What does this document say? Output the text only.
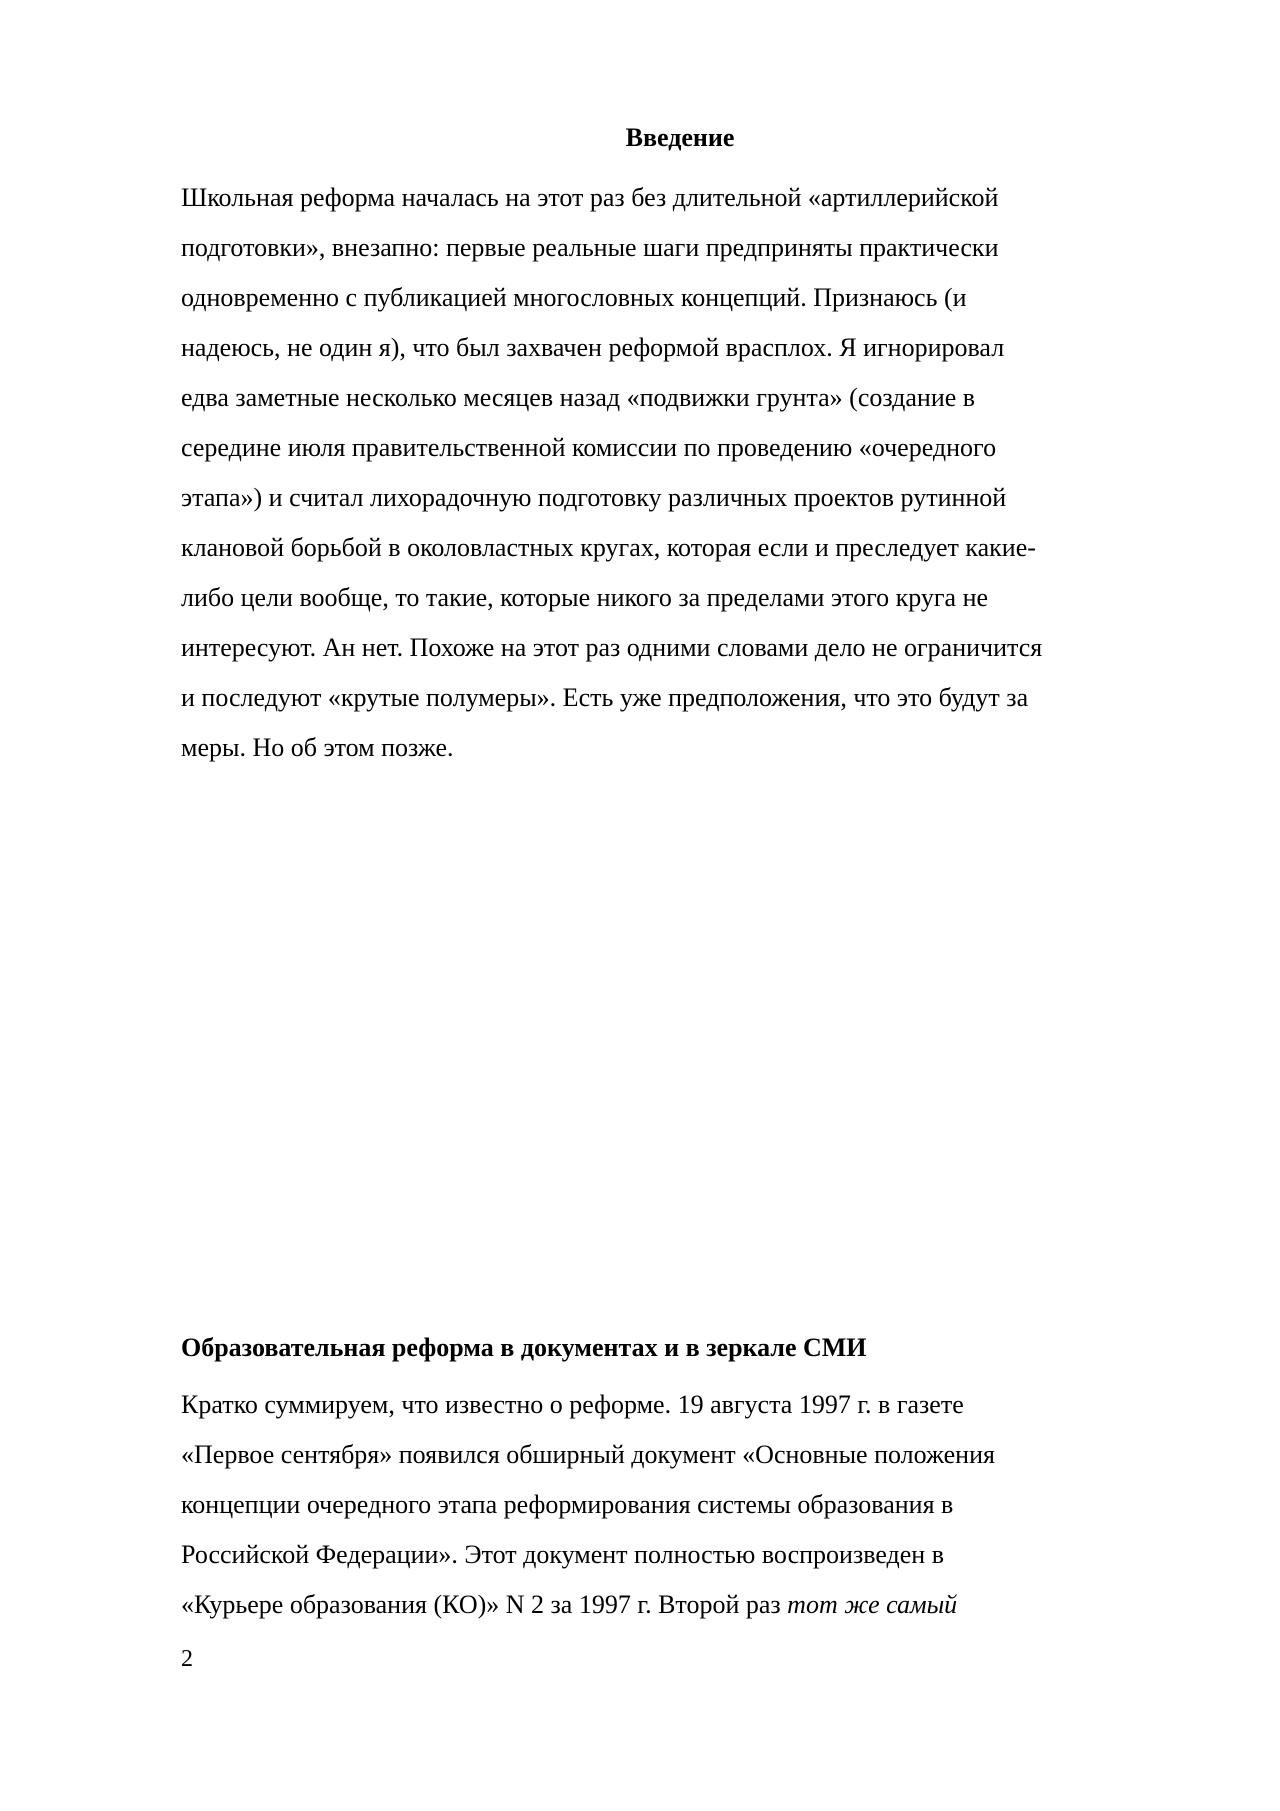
Введение
Школьная реформа началась на этот раз без длительной «артиллерийской
подготовки», внезапно: первые реальные шаги предприняты практически
одновременно с публикацией многословных концепций. Признаюсь (и
надеюсь, не один я), что был захвачен реформой врасплох. Я игнорировал
едва заметные несколько месяцев назад «подвижки грунта» (создание в
середине июля правительственной комиссии по проведению «очередного
этапа») и считал лихорадочную подготовку различных проектов рутинной
клановой борьбой в околовластных кругах, которая если и преследует какие-
либо цели вообще, то такие, которые никого за пределами этого круга не
интересуют. Ан нет. Похоже на этот раз одними словами дело не ограничится
и последуют «крутые полумеры». Есть уже предположения, что это будут за
меры. Но об этом позже.
Образовательная реформа в документах и в зеркале СМИ
Кратко суммируем, что известно о реформе. 19 августа 1997 г. в газете
«Первое сентября» появился обширный документ «Основные положения
концепции очередного этапа реформирования системы образования в
Российской Федерации». Этот документ полностью воспроизведен в
«Курьере образования (КО)» N 2 за 1997 г. Второй раз тот же самый

2
